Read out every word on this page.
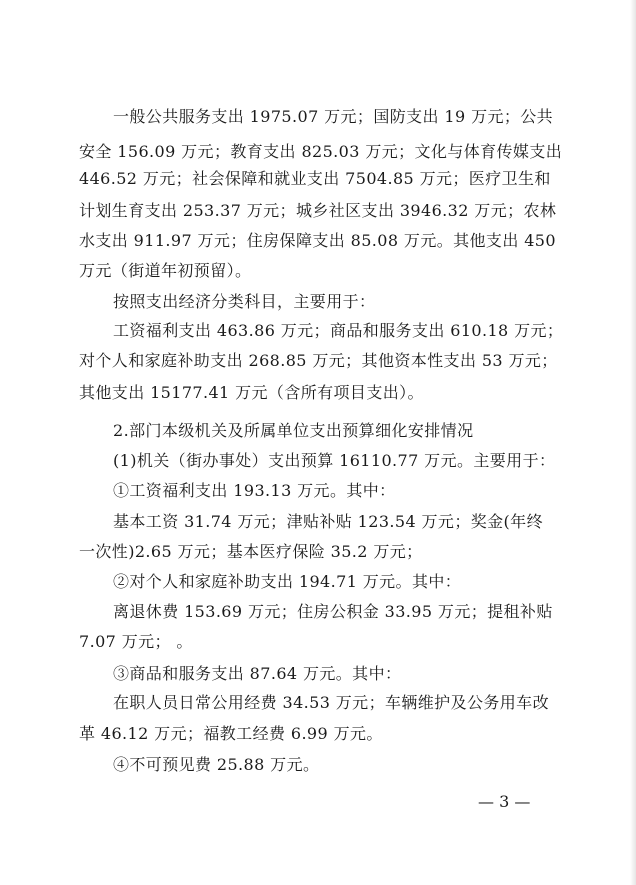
一般公共服务支出 1975.07 万元；国防支出 19 万元；公共
安全 156.09 万元；教育支出 825.03 万元；文化与体育传媒支出
446.52 万元；社会保障和就业支出 7504.85 万元；医疗卫生和
计划生育支出 253.37 万元；城乡社区支出 3946.32 万元；农林
水支出 911.97 万元；住房保障支出 85.08 万元。其他支出 450
万元（街道年初预留）。
按照支出经济分类科目，主要用于：
工资福利支出 463.86 万元；商品和服务支出 610.18 万元；
对个人和家庭补助支出 268.85 万元；其他资本性支出 53 万元；
其他支出 15177.41 万元（含所有项目支出）。
2.部门本级机关及所属单位支出预算细化安排情况
(1)机关（街办事处）支出预算 16110.77 万元。主要用于：
①工资福利支出 193.13 万元。其中：
基本工资 31.74 万元；津贴补贴 123.54 万元；奖金(年终
一次性)2.65 万元；基本医疗保险 35.2 万元；
②对个人和家庭补助支出 194.71 万元。其中：
离退休费 153.69 万元；住房公积金 33.95 万元；提租补贴
7.07 万元； 。
③商品和服务支出 87.64 万元。其中：
在职人员日常公用经费 34.53 万元；车辆维护及公务用车改
革 46.12 万元；福教工经费 6.99 万元。
④不可预见费 25.88 万元。
— 3 —
